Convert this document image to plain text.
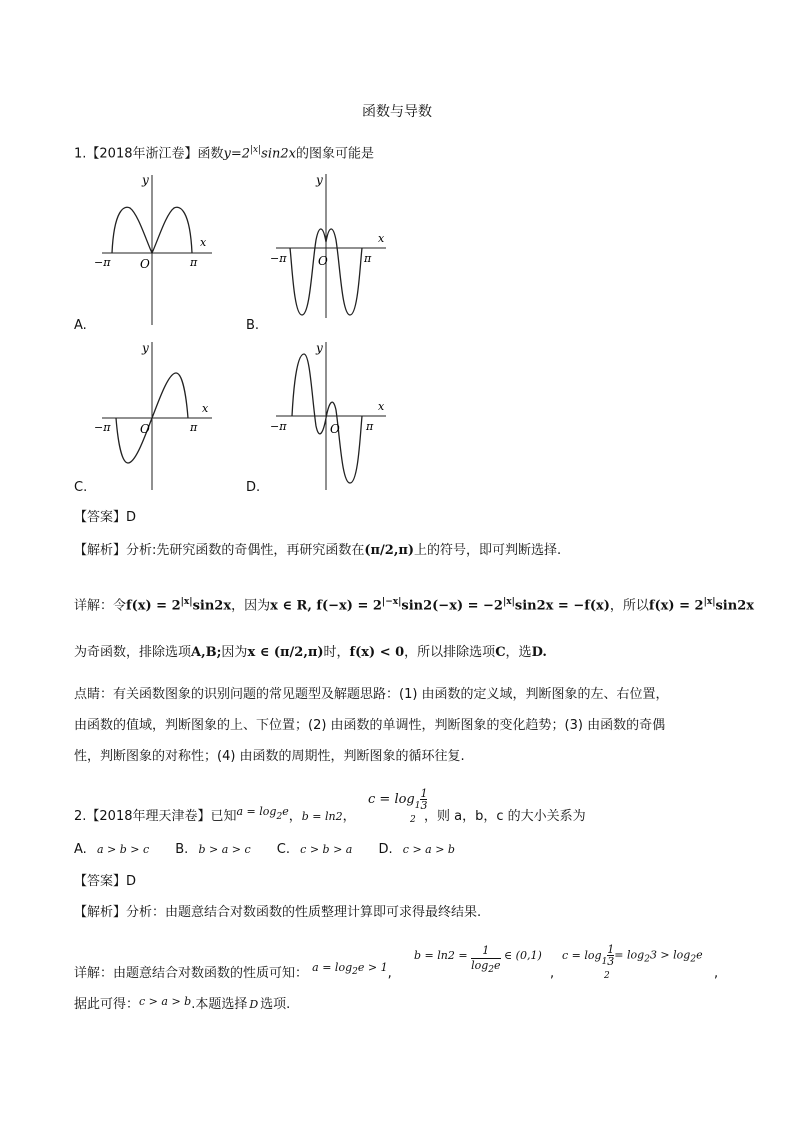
函数与导数
1.【2018年浙江卷】函数$y=2^{|x|}\sin 2x$的图象可能是
y
x
O
−π	π
A.
y
x
O
−π	π
B.
y
x
O
−π	π
C.
y
x
O
−π	π
D.
【答案】D
【解析】分析:先研究函数的奇偶性，再研究函数在(π/2,π)上的符号，即可判断选择.
详解：令$f(x) = 2^{|x|}\sin 2x$，因为x ∈ R, $f(-x) = 2^{|-x|}\sin 2(-x) = -2^{|x|}\sin 2x = -f(x)$，所以$f(x) = 2^{|x|}\sin 2x$
为奇函数，排除选项A,B;因为x ∈ (π/2,π)时，f(x) < 0，所以排除选项C，选D.
点睛：有关函数图象的识别问题的常见题型及解题思路：(1) 由函数的定义域，判断图象的左、右位置，
由函数的值域，判断图象的上、下位置；(2) 由函数的单调性，判断图象的变化趋势；(3) 由函数的奇偶
性，判断图象的对称性；(4) 由函数的周期性，判断图象的循环往复.
$c = \log_1 \frac{1}{3}$
2
2.【2018年理天津卷】已知$^{a = log}_2^e$，b = ln2，	，则 a，b，c 的大小关系为
A. a > b > c B. b > a > c C. c > b > a D. c > a > b
【答案】D
【解析】分析：由题意结合对数函数的性质整理计算即可求得最终结果.
详解：由题意结合对数函数的性质可知： $^{a = log_2e > 1}$,
$b = \ln 2 = \frac{1}{\log_2e}$ ∈ (0,1)
,
$c = \log_1 \frac{1}{3} = \log_23 > \log_2e$
2	,
据此可得：$^{c > a > b}$.本题选择 D 选项.
